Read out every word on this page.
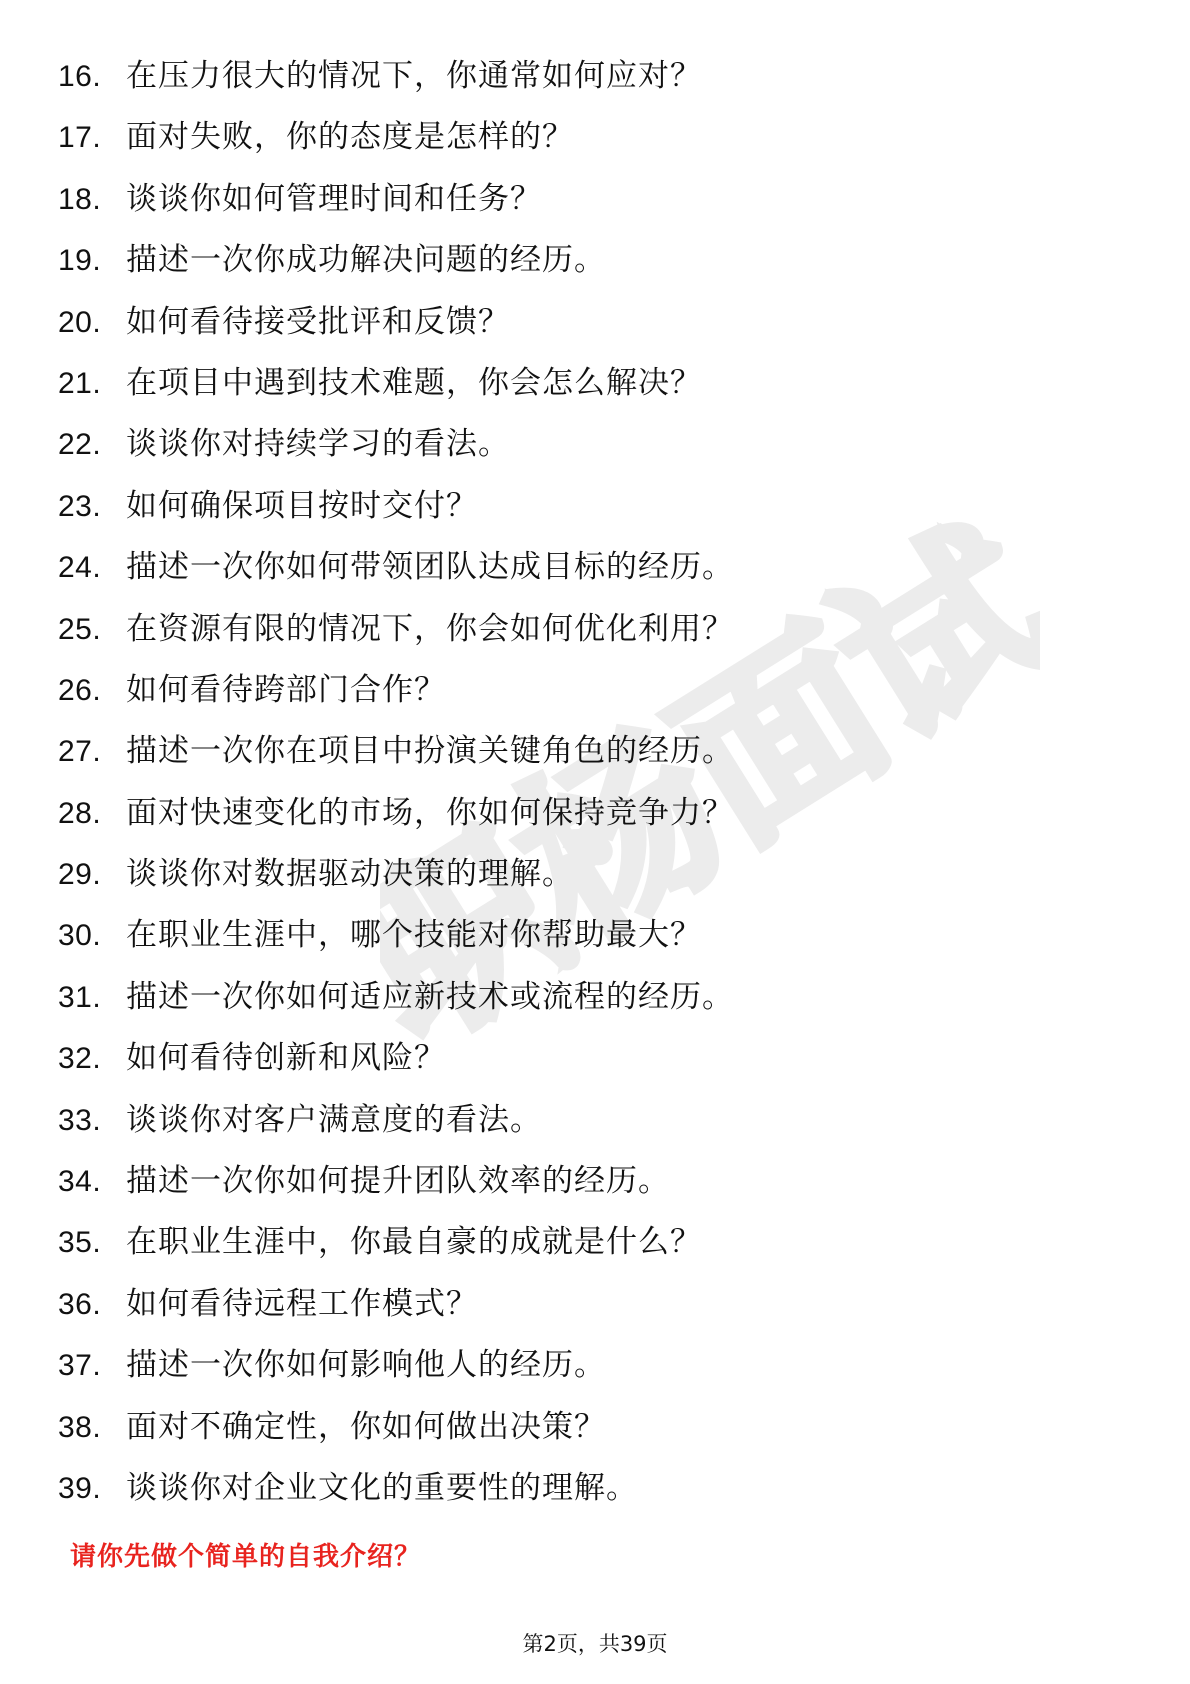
职杨面试
16. 在压力很大的情况下，你通常如何应对？
17. 面对失败，你的态度是怎样的？
18. 谈谈你如何管理时间和任务？
19. 描述一次你成功解决问题的经历。
20. 如何看待接受批评和反馈？
21. 在项目中遇到技术难题，你会怎么解决？
22. 谈谈你对持续学习的看法。
23. 如何确保项目按时交付？
24. 描述一次你如何带领团队达成目标的经历。
25. 在资源有限的情况下，你会如何优化利用？
26. 如何看待跨部门合作？
27. 描述一次你在项目中扮演关键角色的经历。
28. 面对快速变化的市场，你如何保持竞争力？
29. 谈谈你对数据驱动决策的理解。
30. 在职业生涯中，哪个技能对你帮助最大？
31. 描述一次你如何适应新技术或流程的经历。
32. 如何看待创新和风险？
33. 谈谈你对客户满意度的看法。
34. 描述一次你如何提升团队效率的经历。
35. 在职业生涯中，你最自豪的成就是什么？
36. 如何看待远程工作模式？
37. 描述一次你如何影响他人的经历。
38. 面对不确定性，你如何做出决策？
39. 谈谈你对企业文化的重要性的理解。

请你先做个简单的自我介绍？

第2页，共39页
